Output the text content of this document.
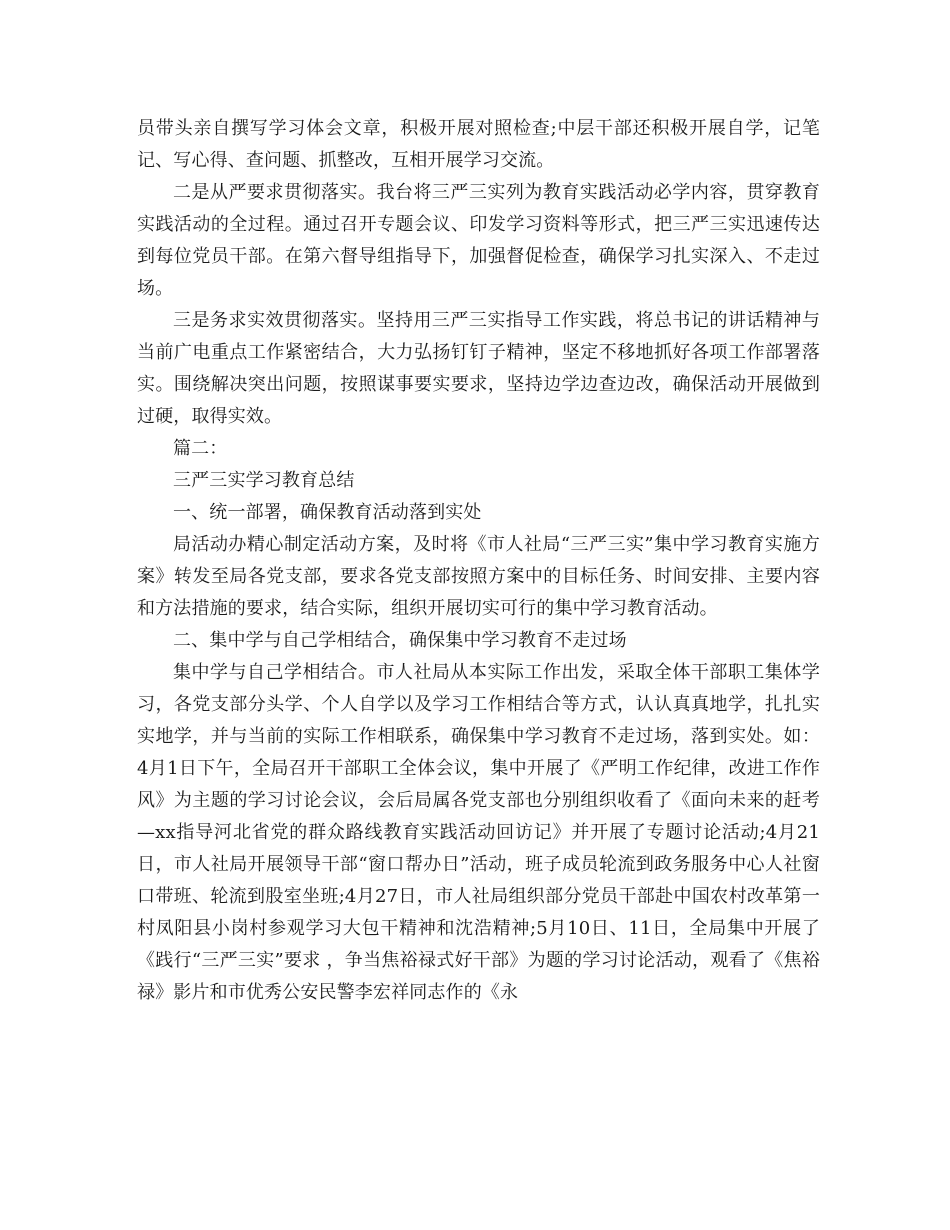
员带头亲自撰写学习体会文章，积极开展对照检查;中层干部还积极开展自学，记笔记、写心得、查问题、抓整改，互相开展学习交流。

二是从严要求贯彻落实。我台将三严三实列为教育实践活动必学内容，贯穿教育实践活动的全过程。通过召开专题会议、印发学习资料等形式，把三严三实迅速传达到每位党员干部。在第六督导组指导下，加强督促检查，确保学习扎实深入、不走过场。

三是务求实效贯彻落实。坚持用三严三实指导工作实践，将总书记的讲话精神与当前广电重点工作紧密结合，大力弘扬钉钉子精神，坚定不移地抓好各项工作部署落实。围绕解决突出问题，按照谋事要实要求，坚持边学边查边改，确保活动开展做到过硬，取得实效。

篇二：

三严三实学习教育总结

一、统一部署，确保教育活动落到实处

局活动办精心制定活动方案，及时将《市人社局“三严三实”集中学习教育实施方案》转发至局各党支部，要求各党支部按照方案中的目标任务、时间安排、主要内容和方法措施的要求，结合实际，组织开展切实可行的集中学习教育活动。

二、集中学与自己学相结合，确保集中学习教育不走过场

集中学与自己学相结合。市人社局从本实际工作出发，采取全体干部职工集体学习，各党支部分头学、个人自学以及学习工作相结合等方式，认认真真地学，扎扎实实地学，并与当前的实际工作相联系，确保集中学习教育不走过场，落到实处。如：4月1日下午，全局召开干部职工全体会议，集中开展了《严明工作纪律，改进工作作风》为主题的学习讨论会议，会后局属各党支部也分别组织收看了《面向未来的赶考—xx指导河北省党的群众路线教育实践活动回访记》并开展了专题讨论活动;4月21日，市人社局开展领导干部“窗口帮办日”活动，班子成员轮流到政务服务中心人社窗口带班、轮流到股室坐班;4月27日，市人社局组织部分党员干部赴中国农村改革第一村凤阳县小岗村参观学习大包干精神和沈浩精神;5月10日、11日，全局集中开展了《践行“三严三实”要求 ，争当焦裕禄式好干部》为题的学习讨论活动，观看了《焦裕禄》影片和市优秀公安民警李宏祥同志作的《永
